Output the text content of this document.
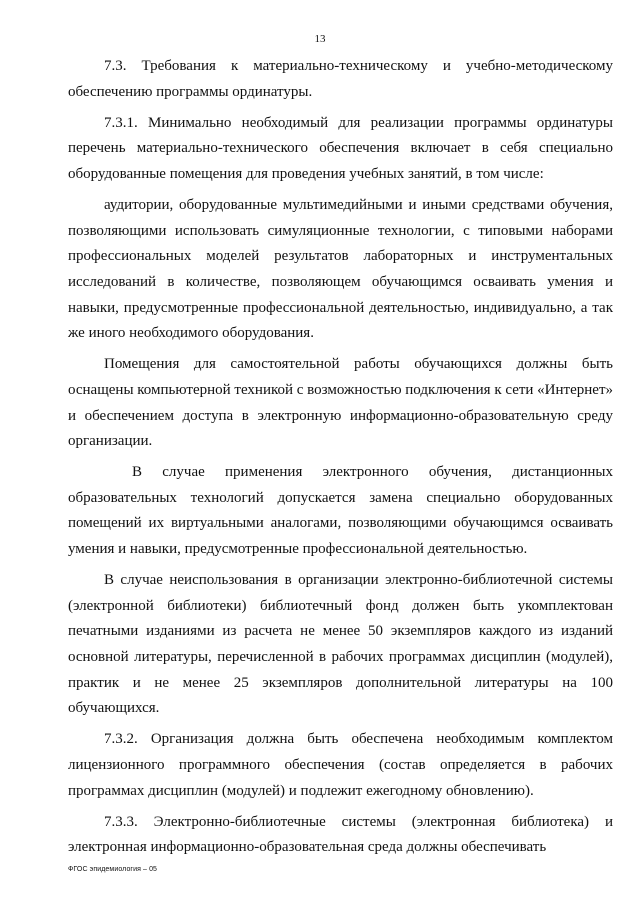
13

7.3. Требования к материально-техническому и учебно-методическому обеспечению программы ординатуры.

7.3.1. Минимально необходимый для реализации программы ординатуры перечень материально-технического обеспечения включает в себя специально оборудованные помещения для проведения учебных занятий, в том числе:

аудитории, оборудованные мультимедийными и иными средствами обучения, позволяющими использовать симуляционные технологии, с типовыми наборами профессиональных моделей результатов лабораторных и инструментальных исследований в количестве, позволяющем обучающимся осваивать умения и навыки, предусмотренные профессиональной деятельностью, индивидуально, а так же иного необходимого оборудования.

Помещения для самостоятельной работы обучающихся должны быть оснащены компьютерной техникой с возможностью подключения к сети «Интернет» и обеспечением доступа в электронную информационно-образовательную среду организации.

В случае применения электронного обучения, дистанционных образовательных технологий допускается замена специально оборудованных помещений их виртуальными аналогами, позволяющими обучающимся осваивать умения и навыки, предусмотренные профессиональной деятельностью.

В случае неиспользования в организации электронно-библиотечной системы (электронной библиотеки) библиотечный фонд должен быть укомплектован печатными изданиями из расчета не менее 50 экземпляров каждого из изданий основной литературы, перечисленной в рабочих программах дисциплин (модулей), практик и не менее 25 экземпляров дополнительной литературы на 100 обучающихся.

7.3.2. Организация должна быть обеспечена необходимым комплектом лицензионного программного обеспечения (состав определяется в рабочих программах дисциплин (модулей) и подлежит ежегодному обновлению).

7.3.3. Электронно-библиотечные системы (электронная библиотека) и электронная информационно-образовательная среда должны обеспечивать

ФГОС эпидемиология – 05
